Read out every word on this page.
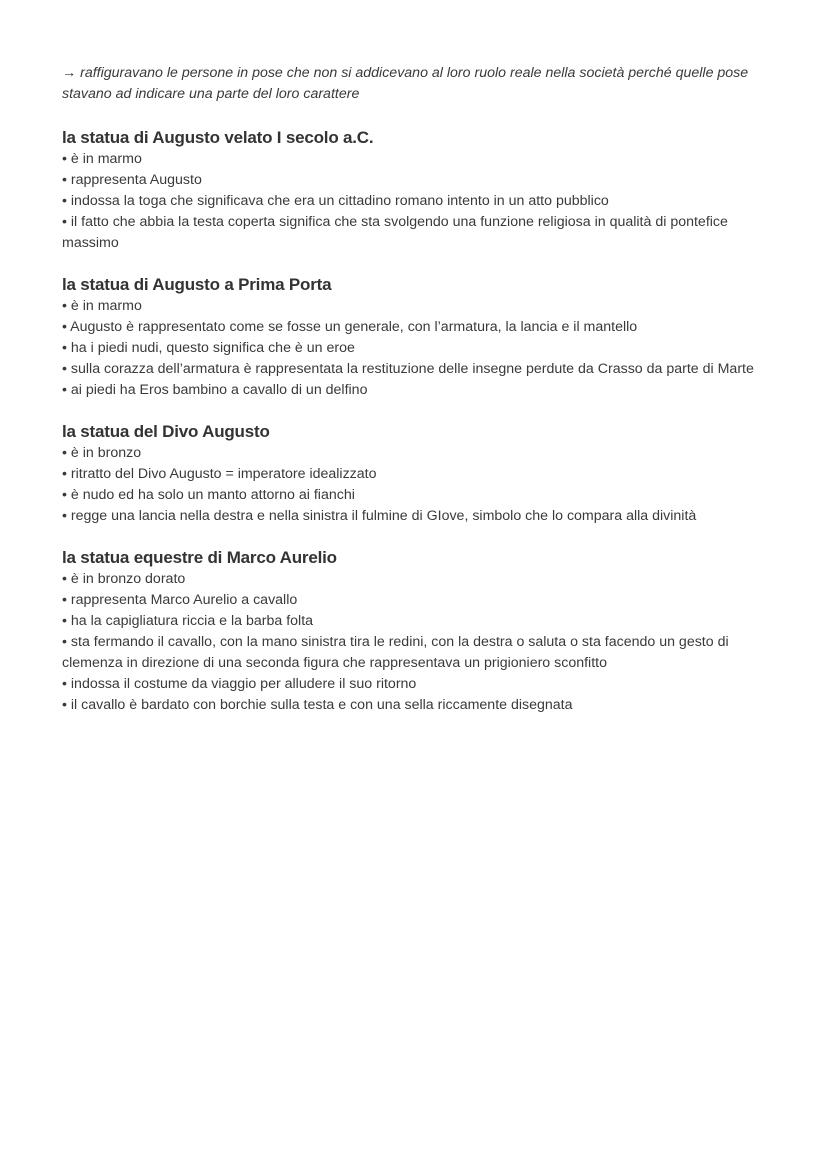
→ raffiguravano le persone in pose che non si addicevano al loro ruolo reale nella società perché quelle pose stavano ad indicare una parte del loro carattere

la statua di Augusto velato I secolo a.C.

• è in marmo

• rappresenta Augusto

• indossa la toga che significava che era un cittadino romano intento in un atto pubblico

• il fatto che abbia la testa coperta significa che sta svolgendo una funzione religiosa in qualità di pontefice massimo

la statua di Augusto a Prima Porta

• è in marmo

• Augusto è rappresentato come se fosse un generale, con l’armatura, la lancia e il mantello

• ha i piedi nudi, questo significa che è un eroe

• sulla corazza dell’armatura è rappresentata la restituzione delle insegne perdute da Crasso da parte di Marte

• ai piedi ha Eros bambino a cavallo di un delfino

la statua del Divo Augusto

• è in bronzo

• ritratto del Divo Augusto = imperatore idealizzato

• è nudo ed ha solo un manto attorno ai fianchi

• regge una lancia nella destra e nella sinistra il fulmine di GIove, simbolo che lo compara alla divinità

la statua equestre di Marco Aurelio

• è in bronzo dorato

• rappresenta Marco Aurelio a cavallo

• ha la capigliatura riccia e la barba folta

• sta fermando il cavallo, con la mano sinistra tira le redini, con la destra o saluta o sta facendo un gesto di clemenza in direzione di una seconda figura che rappresentava un prigioniero sconfitto

• indossa il costume da viaggio per alludere il suo ritorno

• il cavallo è bardato con borchie sulla testa e con una sella riccamente disegnata
